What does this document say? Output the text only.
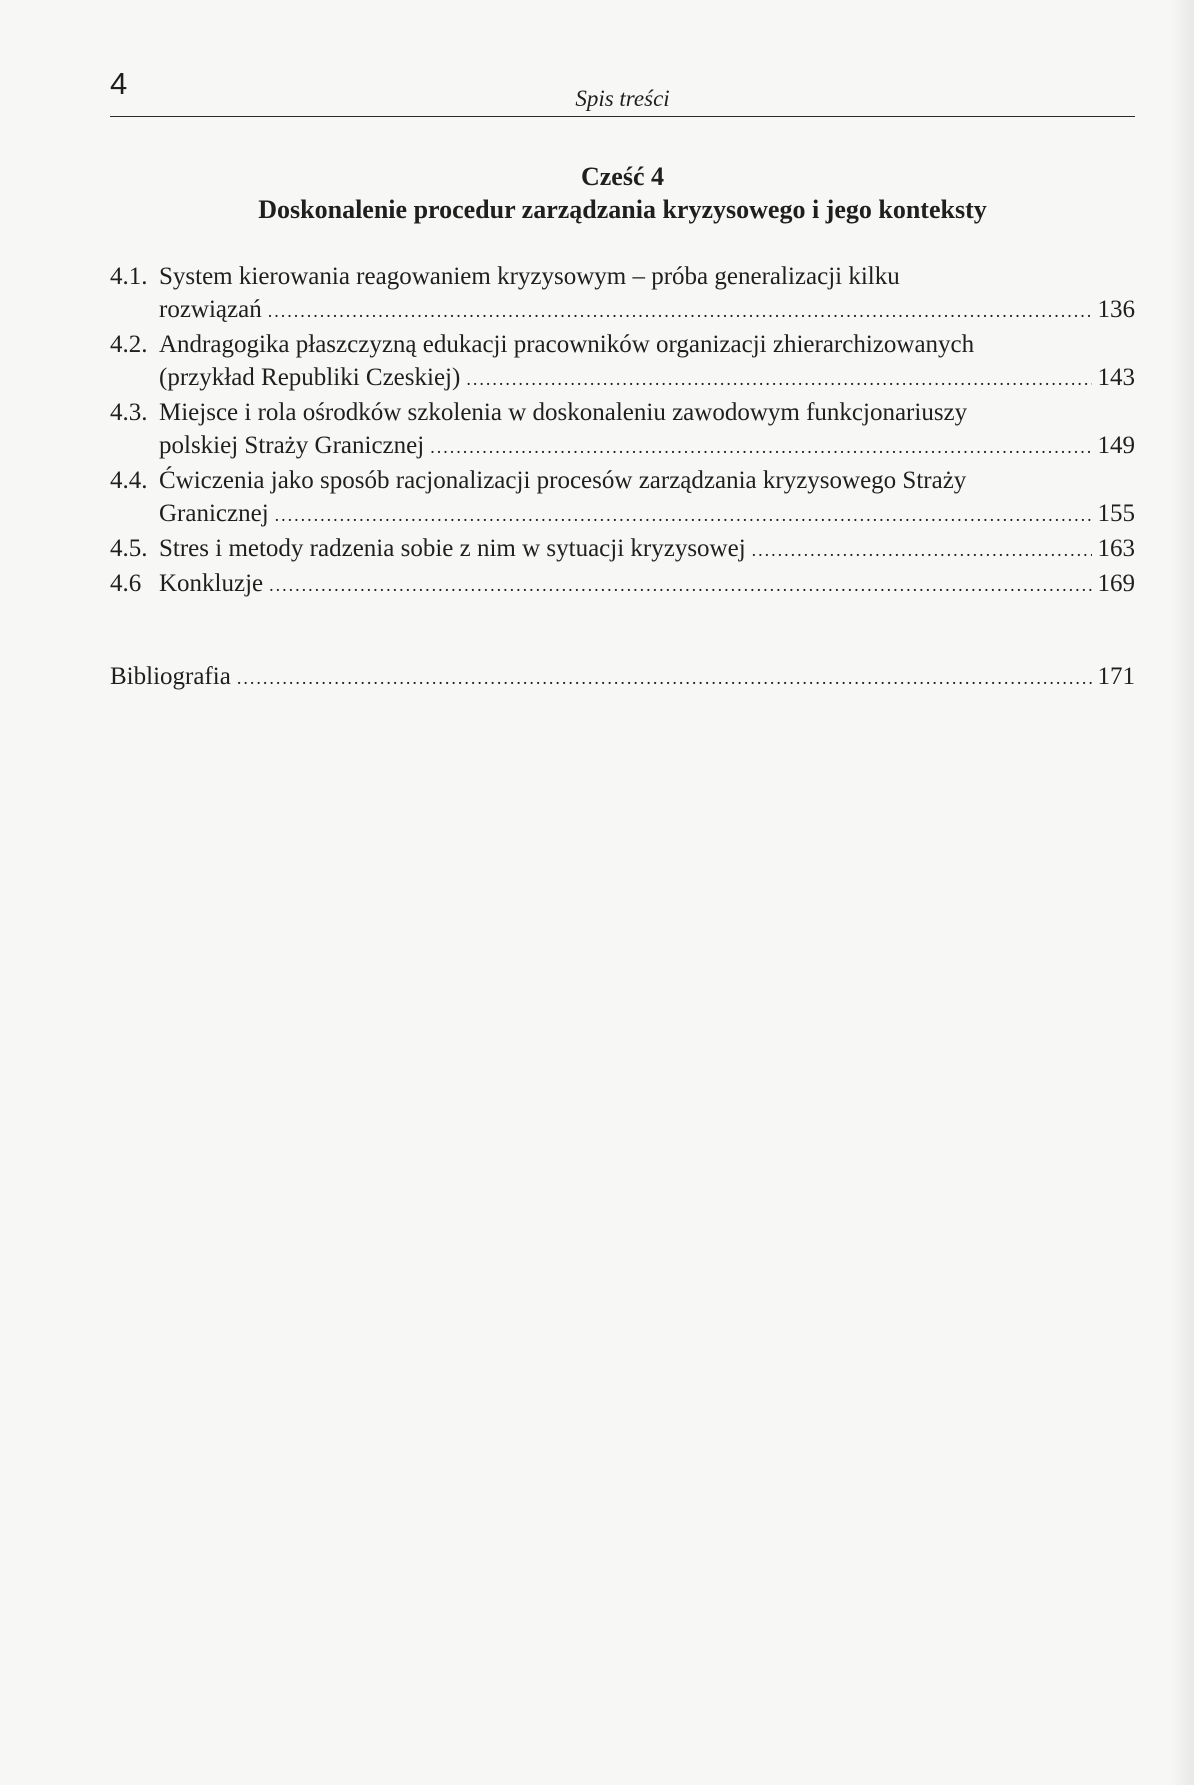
4	Spis treści
Cześć 4
Doskonalenie procedur zarządzania kryzysowego i jego konteksty
4.1. System kierowania reagowaniem kryzysowym – próba generalizacji kilku
rozwiązań .....	136
4.2. Andragogika płaszczyzną edukacji pracowników organizacji zhierarchizowanych
(przykład Republiki Czeskiej) .....	143
4.3. Miejsce i rola ośrodków szkolenia w doskonaleniu zawodowym funkcjonariuszy
polskiej Straży Granicznej .....	149
4.4. Ćwiczenia jako sposób racjonalizacji procesów zarządzania kryzysowego Straży
Granicznej .....	155
4.5. Stres i metody radzenia sobie z nim w sytuacji kryzysowej .....	163
4.6 Konkluzje .....	169
Bibliografia .....	171
